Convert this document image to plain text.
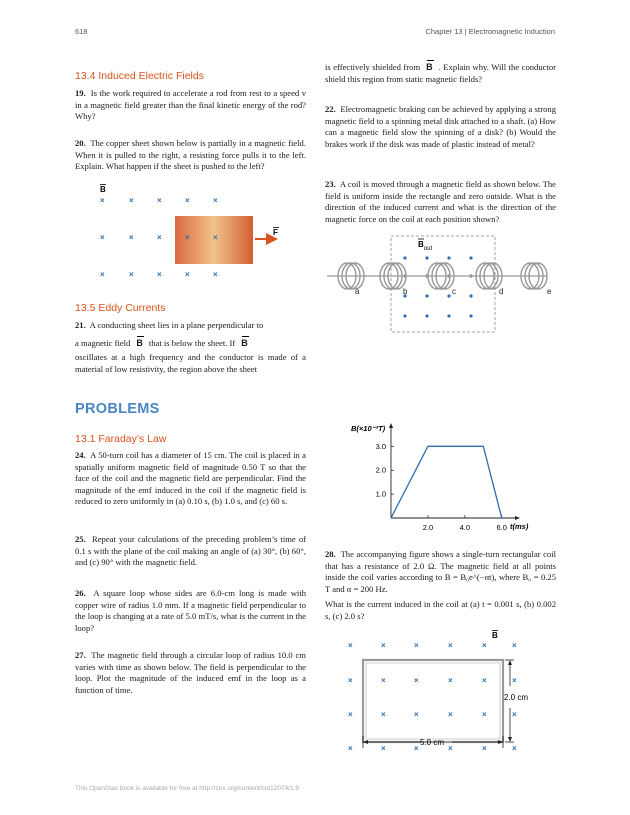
618	Chapter 13 | Electromagnetic Induction
13.4 Induced Electric Fields
19. Is the work required to accelerate a rod from rest to a speed v in a magnetic field greater than the final kinetic energy of the rod? Why?
20. The copper sheet shown below is partially in a magnetic field. When it is pulled to the right, a resisting force pulls it to the left. Explain. What happen if the sheet is pushed to the left?
B
×	×	×	×	×
×	×	×	×	×
×	×	×	×	×
F
13.5 Eddy Currents
21. A conducting sheet lies in a plane perpendicular to
a magnetic field B that is below the sheet. If B
oscillates at a high frequency and the conductor is made of a material of low resistivity, the region above the sheet
is effectively shielded from B . Explain why. Will the conductor shield this region from static magnetic fields?
22. Electromagnetic braking can be achieved by applying a strong magnetic field to a spinning metal disk attached to a shaft. (a) How can a magnetic field slow the spinning of a disk? (b) Would the brakes work if the disk was made of plastic instead of metal?
23. A coil is moved through a magnetic field as shown below. The field is uniform inside the rectangle and zero outside. What is the direction of the induced current and what is the direction of the magnetic force on the coil at each position shown?
$B_{out}$
a	b	c	d	e
PROBLEMS
13.1 Faraday’s Law
24. A 50-turn coil has a diameter of 15 cm. The coil is placed in a spatially uniform magnetic field of magnitude 0.50 T so that the face of the coil and the magnetic field are perpendicular. Find the magnitude of the emf induced in the coil if the magnetic field is reduced to zero uniformly in (a) 0.10 s, (b) 1.0 s, and (c) 60 s.
25. Repeat your calculations of the preceding problem’s time of 0.1 s with the plane of the coil making an angle of (a) 30°, (b) 60°, and (c) 90° with the magnetic field.
26. A square loop whose sides are 6.0-cm long is made with copper wire of radius 1.0 mm. If a magnetic field perpendicular to the loop is changing at a rate of 5.0 mT/s, what is the current in the loop?
27. The magnetic field through a circular loop of radius 10.0 cm varies with time as shown below. The field is perpendicular to the loop. Plot the magnitude of the induced emf in the loop as a function of time.
B(×10⁻³T)
t(ms)
2.0	4.0	6.0
1.0
2.0
3.0
28. The accompanying figure shows a single-turn rectangular coil that has a resistance of 2.0 Ω. The magnetic field at all points inside the coil varies according to B = B₀e^(−αt), where B₀ = 0.25 T and α = 200 Hz.
What is the current induced in the coil at (a) t = 0.001 s, (b) 0.002 s, (c) 2.0 s?
B
×	×	×	×	×	×
×	×	×	×	×	×
×	×	×	×	×	×
×	×	×	×	×	×
2.0 cm
5.0 cm
This OpenStax book is available for free at http://cnx.org/content/col12074/1.9
